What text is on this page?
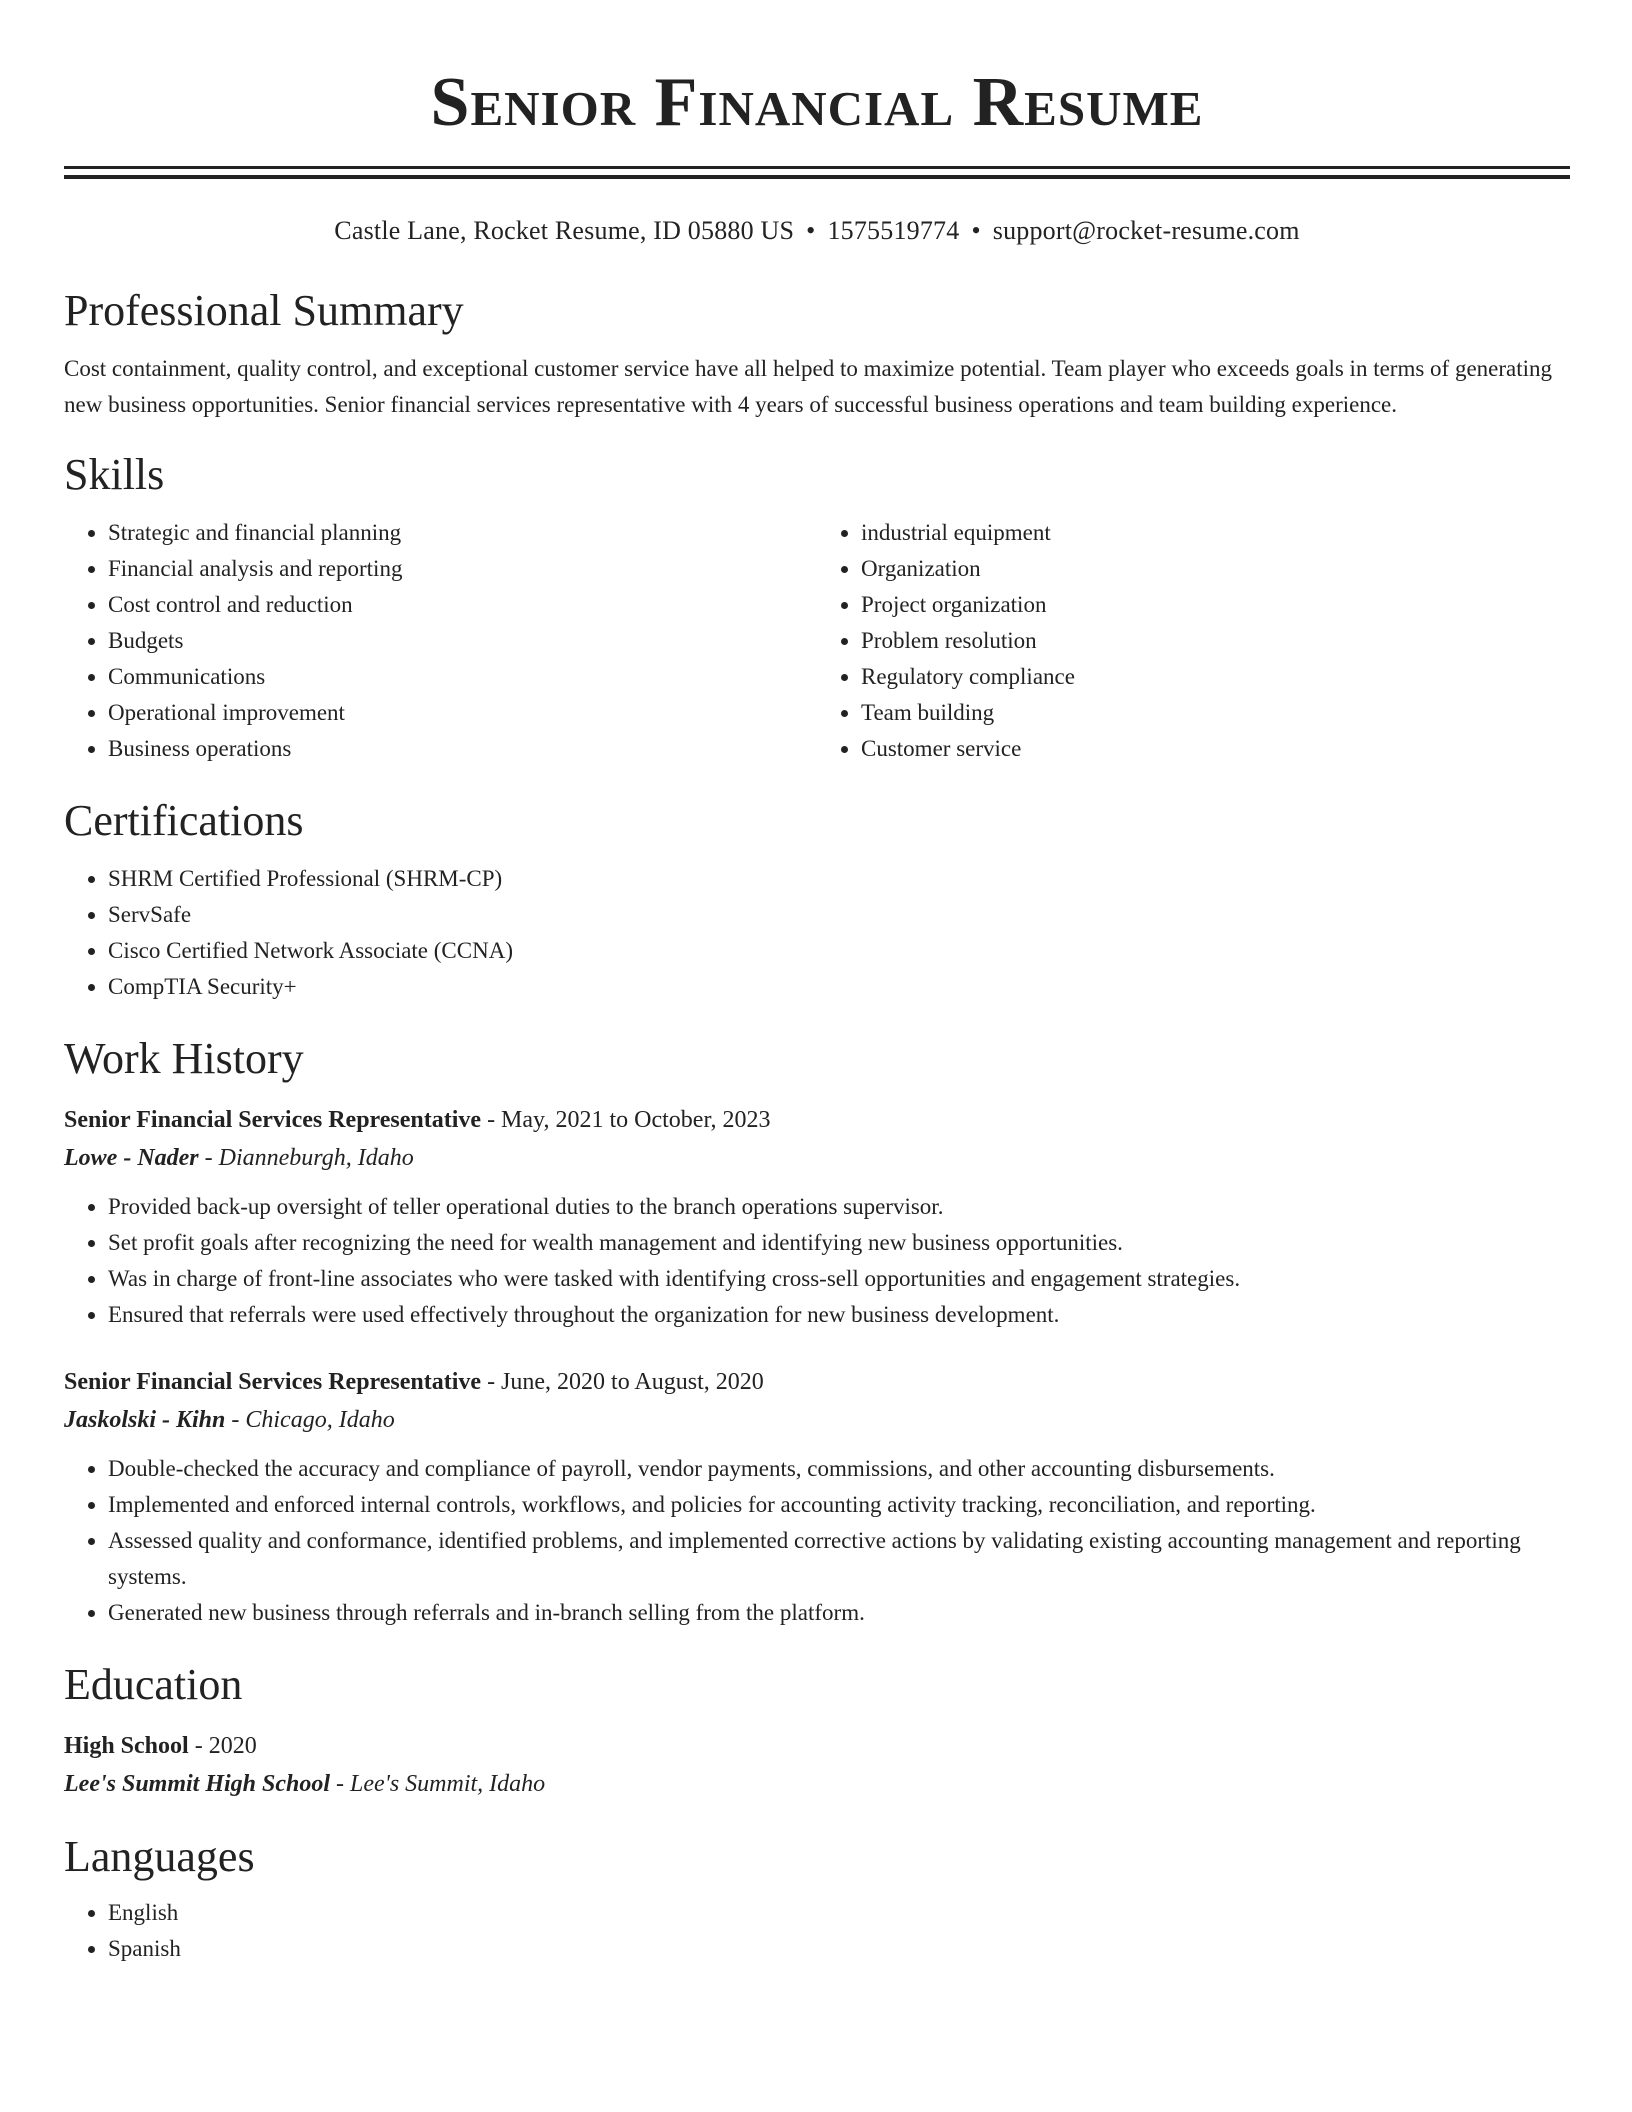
Senior Financial Resume
Castle Lane, Rocket Resume, ID 05880 US • 1575519774 • support@rocket-resume.com
Professional Summary

Cost containment, quality control, and exceptional customer service have all helped to maximize potential. Team player who exceeds goals in terms of generating new business opportunities. Senior financial services representative with 4 years of successful business operations and team building experience.

Skills
• Strategic and financial planning
• Financial analysis and reporting
• Cost control and reduction
• Budgets
• Communications
• Operational improvement
• Business operations
• industrial equipment
• Organization
• Project organization
• Problem resolution
• Regulatory compliance
• Team building
• Customer service
Certifications
• SHRM Certified Professional (SHRM-CP)
• ServSafe
• Cisco Certified Network Associate (CCNA)
• CompTIA Security+
Work History
Senior Financial Services Representative - May, 2021 to October, 2023
Lowe - Nader - Dianneburgh, Idaho
• Provided back-up oversight of teller operational duties to the branch operations supervisor.
• Set profit goals after recognizing the need for wealth management and identifying new business opportunities.
• Was in charge of front-line associates who were tasked with identifying cross-sell opportunities and engagement strategies.
• Ensured that referrals were used effectively throughout the organization for new business development.
Senior Financial Services Representative - June, 2020 to August, 2020
Jaskolski - Kihn - Chicago, Idaho
• Double-checked the accuracy and compliance of payroll, vendor payments, commissions, and other accounting disbursements.
• Implemented and enforced internal controls, workflows, and policies for accounting activity tracking, reconciliation, and reporting.
• Assessed quality and conformance, identified problems, and implemented corrective actions by validating existing accounting management and reporting systems.
• Generated new business through referrals and in-branch selling from the platform.
Education
High School - 2020
Lee's Summit High School - Lee's Summit, Idaho
Languages
• English
• Spanish
